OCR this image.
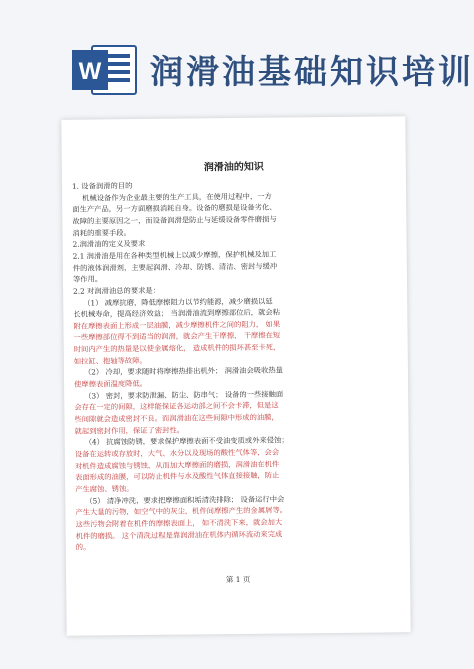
W 润滑油基础知识培训
润滑油的知识
1. 设备润滑的目的
机械设备作为企业最主要的生产工具，在使用过程中，一方
面生产产品，另一方面磨损消耗自身。设备的磨损是设备劣化、
故障的主要原因之一，而设备润滑是防止与延缓设备零件磨损与
消耗的重要手段。
2.润滑油的定义及要求
2.1 润滑油是用在各种类型机械上以减少摩擦，保护机械及加工
件的液体润滑剂，主要起润滑、冷却、防锈、清洁、密封与缓冲
等作用。
2.2 对润滑油总的要求是：
（1） 减摩抗磨，降低摩擦阻力以节约能源，减少磨损以延
长机械寿命，提高经济效益； 当润滑油流到摩擦部位后，就会粘
附在摩擦表面上形成一层油膜，减少摩擦机件之间的阻力， 如果
一些摩擦部位得不到适当的润滑，就会产生干摩擦， 干摩擦在短
时间内产生的热量是以使金属熔化， 造成机件的损坏甚至卡死，
如拉缸、抱轴等故障。
（2） 冷却，要求随时将摩擦热排出机外； 润滑油会吸收热量
使摩擦表面温度降低。
（3） 密封，要求防泄漏、防尘、防串气； 设备的一些接触面
会存在一定的间隙，这样能保证各运动部之间不会卡滞，但是这
些间隙就会造成密封不良。而润滑油在这些间隙中形成的油膜，
就起到密封作用，保证了密封性。
（4） 抗腐蚀防锈，要求保护摩擦表面不受油变质或外来侵蚀；
设备在运转或存放时，大气、水分以及现场的酸性气体等，会会
对机件造成腐蚀与锈蚀，从而加大摩擦面的磨损，润滑油在机件
表面形成的油膜，可以防止机件与水及酸性气体直接接触，防止
产生腐蚀、锈蚀。
（5） 清净冲洗，要求把摩擦面积垢清洗排除； 设备运行中会
产生大量的污物，如空气中的灰尘，机件间摩擦产生的金属屑等。
这些污物会附着在机件的摩擦表面上， 如不清洗下来，就会加大
机件的磨损。 这个清洗过程是靠润滑油在机体内循环流动来完成
的。
第 1 页
